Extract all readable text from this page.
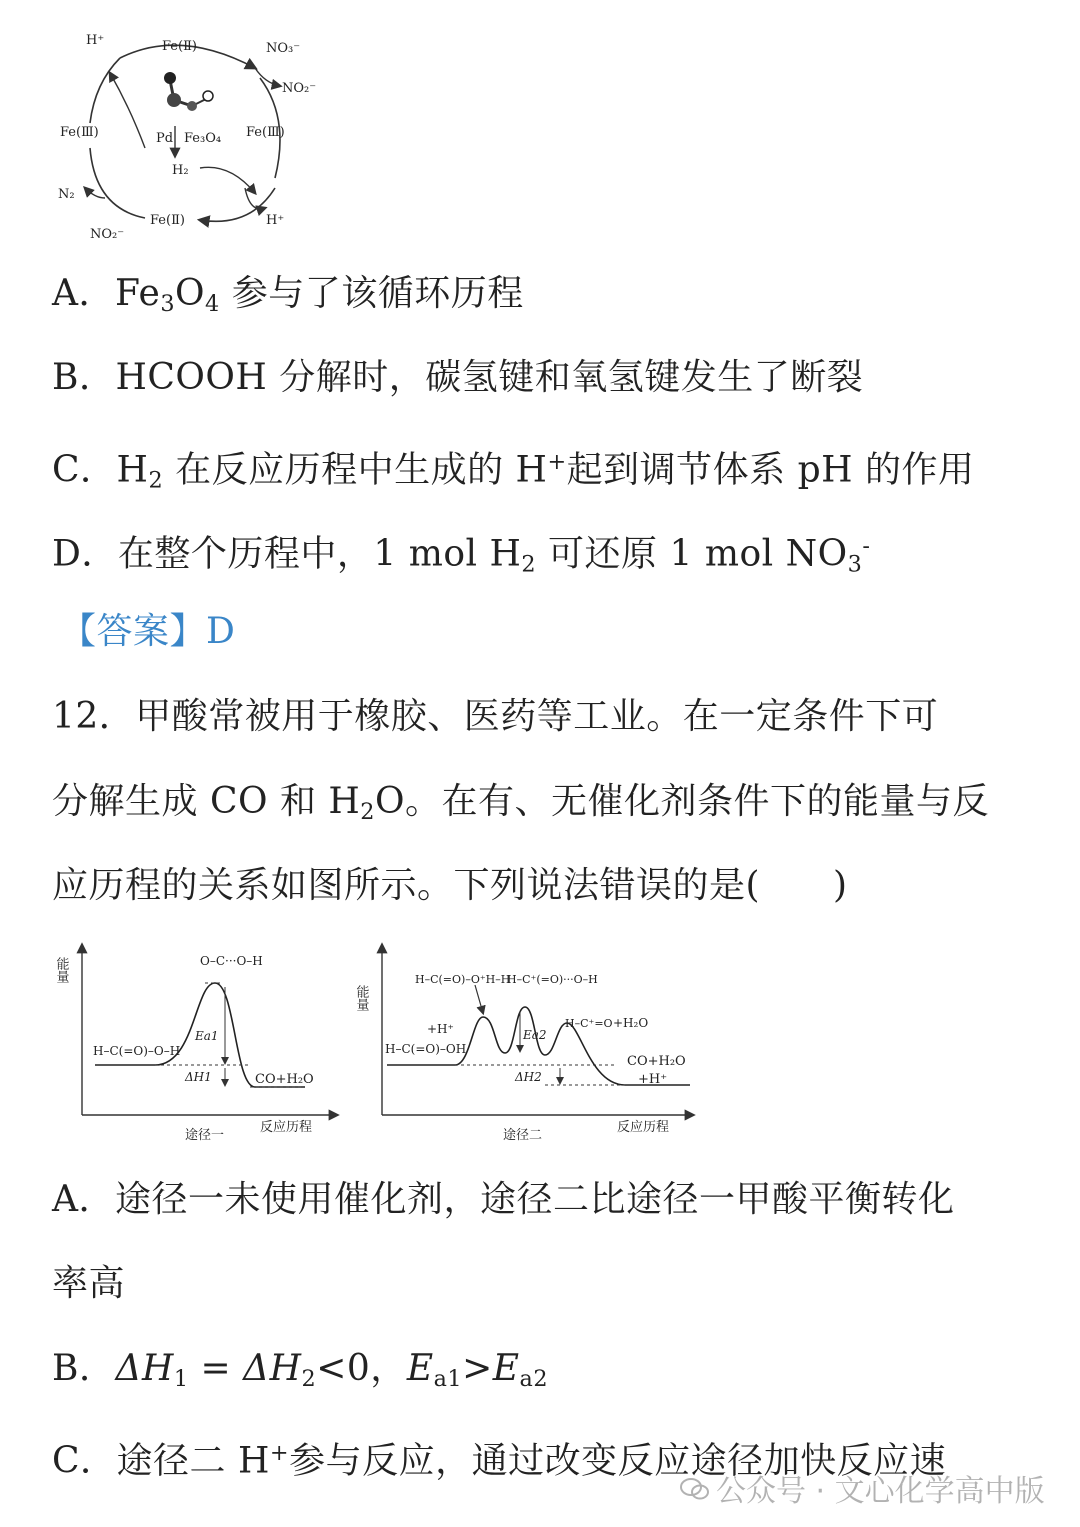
H⁺	Fe(Ⅱ)	NO₃⁻
NO₂⁻
Fe(Ⅲ)	Fe(Ⅲ)
Pd Fe₃O₄
H₂
N₂
Fe(Ⅱ)	H⁺
NO₂⁻
A．$Fe_3O_4$ 参与了该循环历程
B．HCOOH 分解时，碳氢键和氧氢键发生了断裂
C．$H_2$ 在反应历程中生成的 H+起到调节体系 pH 的作用
D．在整个历程中，1 mol $H_2$ 可还原 1 mol $NO_3^-$
【答案】D
12．甲酸常被用于橡胶、医药等工业。在一定条件下可
分解生成 CO 和 $H_2O$。在有、无催化剂条件下的能量与反
应历程的关系如图所示。下列说法错误的是(　　)
能量
H–C(=O)–O–H
O–C···O–H
Ea1
ΔH1	CO+H₂O
途径一
反应历程
能量
H–C(=O)–OH
+H⁺
H–C(=O)–O⁺H–H
H–C⁺(=O)···O–H
H–C⁺=O +H₂O
Ea2
ΔH2
CO+H₂O
+H⁺
途径二
反应历程
A．途径一未使用催化剂，途径二比途径一甲酸平衡转化
率高
B．$\Delta H_1 = \Delta H_2<0$，$E_{a1}>E_{a2}$
C．途径二 H+参与反应，通过改变反应途径加快反应速
公众号 · 文心化学高中版
